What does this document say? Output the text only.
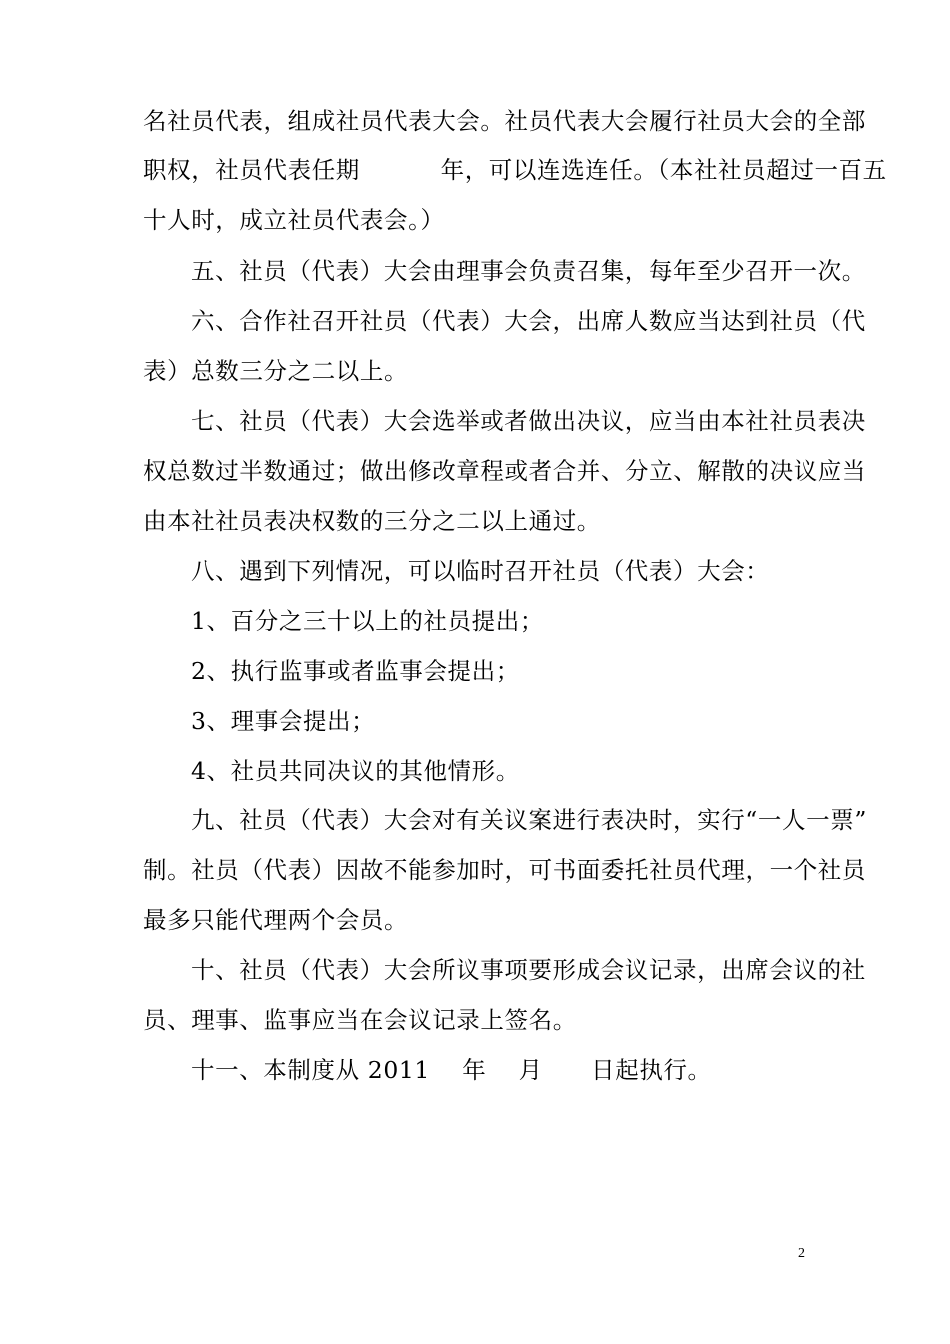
名社员代表，组成社员代表大会。社员代表大会履行社员大会的全部
职权，社员代表任期          年，可以连选连任。（本社社员超过一百五
十人时，成立社员代表会。）
五、社员（代表）大会由理事会负责召集，每年至少召开一次。
六、合作社召开社员（代表）大会，出席人数应当达到社员（代
表）总数三分之二以上。
七、社员（代表）大会选举或者做出决议，应当由本社社员表决
权总数过半数通过；做出修改章程或者合并、分立、解散的决议应当
由本社社员表决权数的三分之二以上通过。
八、遇到下列情况，可以临时召开社员（代表）大会：
1、百分之三十以上的社员提出；
2、执行监事或者监事会提出；
3、理事会提出；
4、社员共同决议的其他情形。
九、社员（代表）大会对有关议案进行表决时，实行“一人一票”
制。社员（代表）因故不能参加时，可书面委托社员代理，一个社员
最多只能代理两个会员。
十、社员（代表）大会所议事项要形成会议记录，出席会议的社
员、理事、监事应当在会议记录上签名。
十一、本制度从 2011    年    月      日起执行。
2
